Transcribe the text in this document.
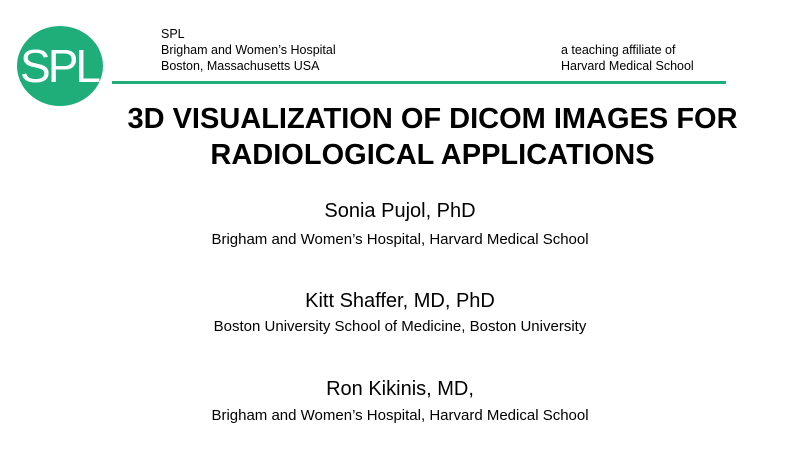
SPL
SPL
Brigham and Women’s Hospital
Boston, Massachusetts USA
a teaching affiliate of
Harvard Medical School
3D VISUALIZATION OF DICOM IMAGES FOR
RADIOLOGICAL APPLICATIONS
Sonia Pujol, PhD
Brigham and Women’s Hospital, Harvard Medical School
Kitt Shaffer, MD, PhD
Boston University School of Medicine, Boston University
Ron Kikinis, MD,
Brigham and Women’s Hospital, Harvard Medical School
